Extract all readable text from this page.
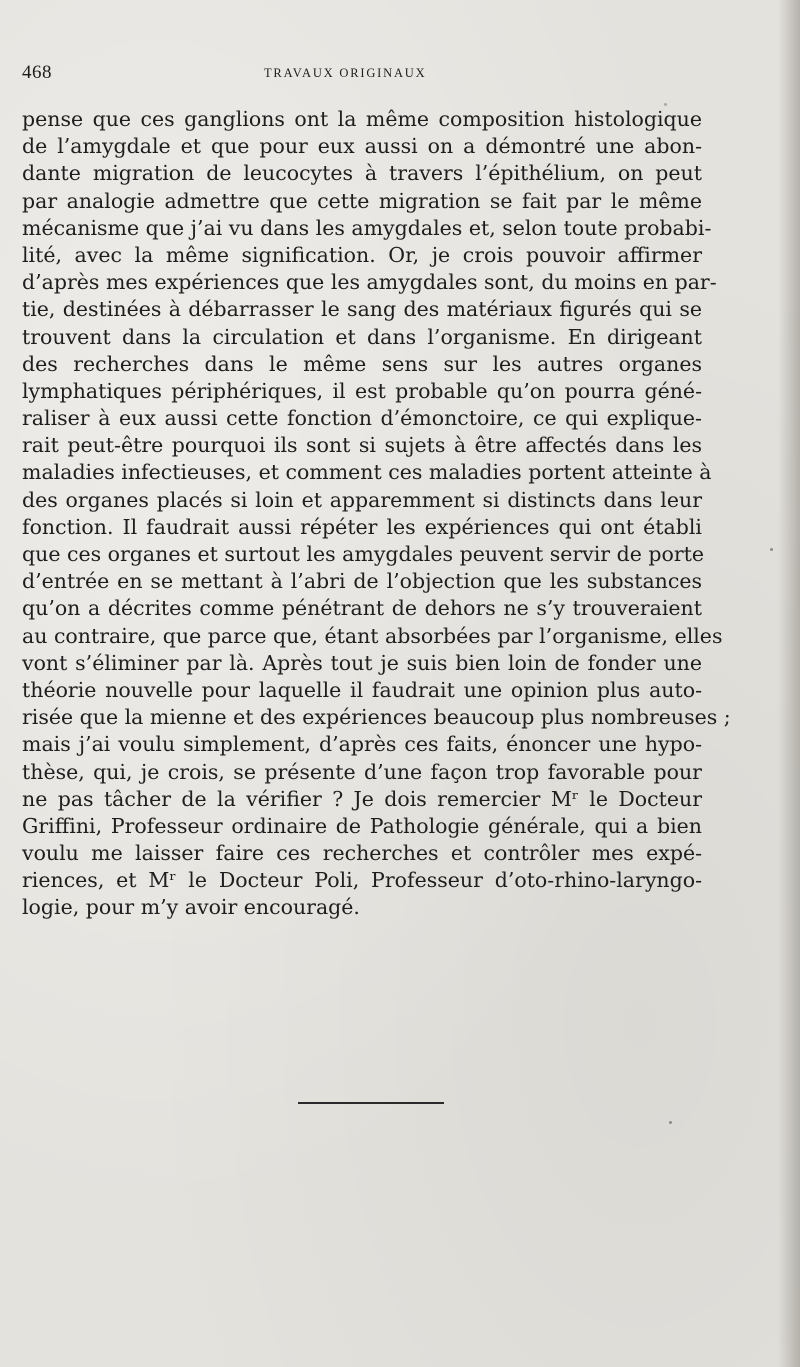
468	TRAVAUX ORIGINAUX
pense que ces ganglions ont la même composition histologique
de l’amygdale et que pour eux aussi on a démontré une abon-
dante migration de leucocytes à travers l’épithélium, on peut
par analogie admettre que cette migration se fait par le même
mécanisme que j’ai vu dans les amygdales et, selon toute probabi-
lité, avec la même signification. Or, je crois pouvoir affirmer
d’après mes expériences que les amygdales sont, du moins en par-
tie, destinées à débarrasser le sang des matériaux figurés qui se
trouvent dans la circulation et dans l’organisme. En dirigeant
des recherches dans le même sens sur les autres organes
lymphatiques périphériques, il est probable qu’on pourra géné-
raliser à eux aussi cette fonction d’émonctoire, ce qui explique-
rait peut-être pourquoi ils sont si sujets à être affectés dans les
maladies infectieuses, et comment ces maladies portent atteinte à
des organes placés si loin et apparemment si distincts dans leur
fonction. Il faudrait aussi répéter les expériences qui ont établi
que ces organes et surtout les amygdales peuvent servir de porte
d’entrée en se mettant à l’abri de l’objection que les substances
qu’on a décrites comme pénétrant de dehors ne s’y trouveraient
au contraire, que parce que, étant absorbées par l’organisme, elles
vont s’éliminer par là. Après tout je suis bien loin de fonder une
théorie nouvelle pour laquelle il faudrait une opinion plus auto-
risée que la mienne et des expériences beaucoup plus nombreuses ;
mais j’ai voulu simplement, d’après ces faits, énoncer une hypo-
thèse, qui, je crois, se présente d’une façon trop favorable pour
ne pas tâcher de la vérifier ? Je dois remercier Mʳ le Docteur
Griffini, Professeur ordinaire de Pathologie générale, qui a bien
voulu me laisser faire ces recherches et contrôler mes expé-
riences, et Mʳ le Docteur Poli, Professeur d’oto-rhino-laryngo-
logie, pour m’y avoir encouragé.
